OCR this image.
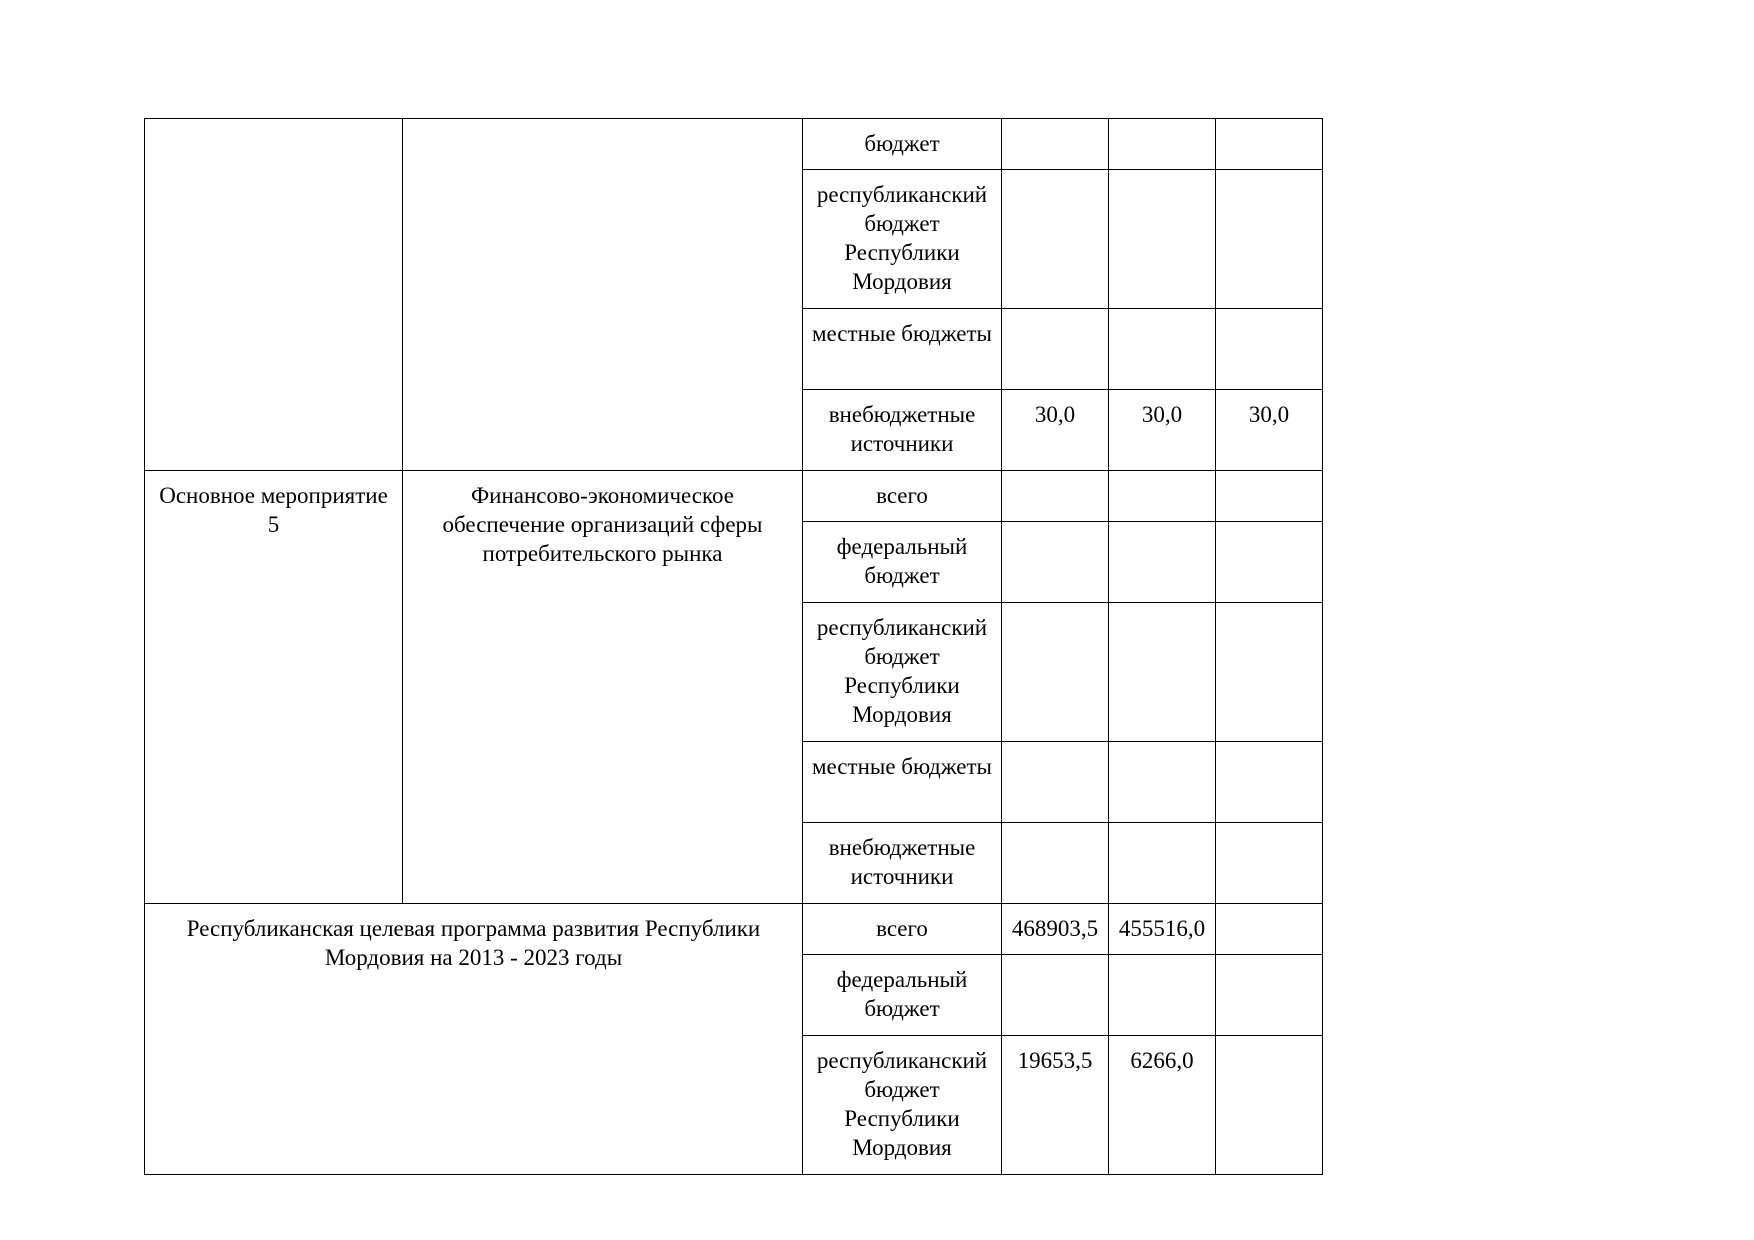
		бюджет			
		республиканский бюджет Республики Мордовия			
		местные бюджеты			
		внебюджетные источники	30,0	30,0	30,0
Основное мероприятие 5	Финансово-экономическое обеспечение организаций сферы потребительского рынка	всего			
		федеральный бюджет			
		республиканский бюджет Республики Мордовия			
		местные бюджеты			
		внебюджетные источники			
Республиканская целевая программа развития Республики Мордовия на 2013 - 2023 годы		всего	468903,5	455516,0	
		федеральный бюджет			
		республиканский бюджет Республики Мордовия	19653,5	6266,0	
